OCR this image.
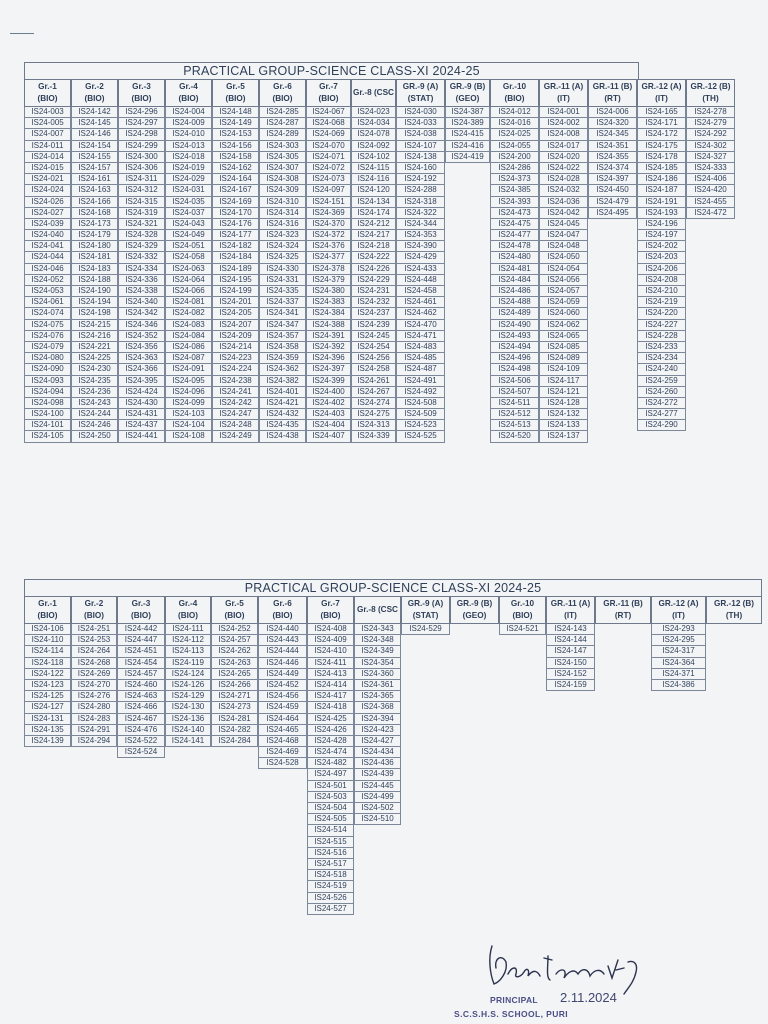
PRACTICAL GROUP-SCIENCE CLASS-XI 2024-25
Gr.-1
(BIO)
IS24-003
IS24-005
IS24-007
IS24-011
IS24-014
IS24-015
IS24-021
IS24-024
IS24-026
IS24-027
IS24-039
IS24-040
IS24-041
IS24-044
IS24-046
IS24-052
IS24-053
IS24-061
IS24-074
IS24-075
IS24-076
IS24-079
IS24-080
IS24-090
IS24-093
IS24-094
IS24-098
IS24-100
IS24-101
IS24-105
Gr.-2
(BIO)
IS24-142
IS24-145
IS24-146
IS24-154
IS24-155
IS24-157
IS24-161
IS24-163
IS24-166
IS24-168
IS24-173
IS24-179
IS24-180
IS24-181
IS24-183
IS24-188
IS24-190
IS24-194
IS24-198
IS24-215
IS24-216
IS24-221
IS24-225
IS24-230
IS24-235
IS24-236
IS24-243
IS24-244
IS24-246
IS24-250
Gr.-3
(BIO)
IS24-296
IS24-297
IS24-298
IS24-299
IS24-300
IS24-306
IS24-311
IS24-312
IS24-315
IS24-319
IS24-321
IS24-328
IS24-329
IS24-332
IS24-334
IS24-336
IS24-338
IS24-340
IS24-342
IS24-346
IS24-352
IS24-356
IS24-363
IS24-366
IS24-395
IS24-424
IS24-430
IS24-431
IS24-437
IS24-441
Gr.-4
(BIO)
IS24-004
IS24-009
IS24-010
IS24-013
IS24-018
IS24-019
IS24-029
IS24-031
IS24-035
IS24-037
IS24-043
IS24-049
IS24-051
IS24-058
IS24-063
IS24-064
IS24-066
IS24-081
IS24-082
IS24-083
IS24-084
IS24-086
IS24-087
IS24-091
IS24-095
IS24-096
IS24-099
IS24-103
IS24-104
IS24-108
Gr.-5
(BIO)
IS24-148
IS24-149
IS24-153
IS24-156
IS24-158
IS24-162
IS24-164
IS24-167
IS24-169
IS24-170
IS24-176
IS24-177
IS24-182
IS24-184
IS24-189
IS24-195
IS24-199
IS24-201
IS24-205
IS24-207
IS24-209
IS24-214
IS24-223
IS24-224
IS24-238
IS24-241
IS24-242
IS24-247
IS24-248
IS24-249
Gr.-6
(BIO)
IS24-285
IS24-287
IS24-289
IS24-303
IS24-305
IS24-307
IS24-308
IS24-309
IS24-310
IS24-314
IS24-316
IS24-323
IS24-324
IS24-325
IS24-330
IS24-331
IS24-335
IS24-337
IS24-341
IS24-347
IS24-357
IS24-358
IS24-359
IS24-362
IS24-382
IS24-401
IS24-421
IS24-432
IS24-435
IS24-438
Gr.-7
(BIO)
IS24-067
IS24-068
IS24-069
IS24-070
IS24-071
IS24-072
IS24-073
IS24-097
IS24-151
IS24-369
IS24-370
IS24-372
IS24-376
IS24-377
IS24-378
IS24-379
IS24-380
IS24-383
IS24-384
IS24-388
IS24-391
IS24-392
IS24-396
IS24-397
IS24-399
IS24-400
IS24-402
IS24-403
IS24-404
IS24-407
Gr.-8 (CSC
IS24-023
IS24-034
IS24-078
IS24-092
IS24-102
IS24-115
IS24-116
IS24-120
IS24-134
IS24-174
IS24-212
IS24-217
IS24-218
IS24-222
IS24-226
IS24-229
IS24-231
IS24-232
IS24-237
IS24-239
IS24-245
IS24-254
IS24-256
IS24-258
IS24-261
IS24-267
IS24-274
IS24-275
IS24-313
IS24-339
GR.-9 (A)
(STAT)
IS24-030
IS24-033
IS24-038
IS24-107
IS24-138
IS24-160
IS24-192
IS24-288
IS24-318
IS24-322
IS24-344
IS24-353
IS24-390
IS24-429
IS24-433
IS24-448
IS24-458
IS24-461
IS24-462
IS24-470
IS24-471
IS24-483
IS24-485
IS24-487
IS24-491
IS24-492
IS24-508
IS24-509
IS24-523
IS24-525
GR.-9 (B)
(GEO)
IS24-387
IS24-389
IS24-415
IS24-416
IS24-419
Gr.-10
(BIO)
IS24-012
IS24-016
IS24-025
IS24-055
IS24-200
IS24-286
IS24-373
IS24-385
IS24-393
IS24-473
IS24-475
IS24-477
IS24-478
IS24-480
IS24-481
IS24-484
IS24-486
IS24-488
IS24-489
IS24-490
IS24-493
IS24-494
IS24-496
IS24-498
IS24-506
IS24-507
IS24-511
IS24-512
IS24-513
IS24-520
GR.-11 (A)
(IT)
IS24-001
IS24-002
IS24-008
IS24-017
IS24-020
IS24-022
IS24-028
IS24-032
IS24-036
IS24-042
IS24-045
IS24-047
IS24-048
IS24-050
IS24-054
IS24-056
IS24-057
IS24-059
IS24-060
IS24-062
IS24-065
IS24-085
IS24-089
IS24-109
IS24-117
IS24-121
IS24-128
IS24-132
IS24-133
IS24-137
GR.-11 (B)
(RT)
IS24-006
IS24-320
IS24-345
IS24-351
IS24-355
IS24-374
IS24-397
IS24-450
IS24-479
IS24-495
GR.-12 (A)
(IT)
IS24-165
IS24-171
IS24-172
IS24-175
IS24-178
IS24-185
IS24-186
IS24-187
IS24-191
IS24-193
IS24-196
IS24-197
IS24-202
IS24-203
IS24-206
IS24-208
IS24-210
IS24-219
IS24-220
IS24-227
IS24-228
IS24-233
IS24-234
IS24-240
IS24-259
IS24-260
IS24-272
IS24-277
IS24-290
GR.-12 (B)
(TH)
IS24-278
IS24-279
IS24-292
IS24-302
IS24-327
IS24-333
IS24-406
IS24-420
IS24-455
IS24-472
PRACTICAL GROUP-SCIENCE CLASS-XI 2024-25
Gr.-1
(BIO)
IS24-106
IS24-110
IS24-114
IS24-118
IS24-122
IS24-123
IS24-125
IS24-127
IS24-131
IS24-135
IS24-139
Gr.-2
(BIO)
IS24-251
IS24-253
IS24-264
IS24-268
IS24-269
IS24-270
IS24-276
IS24-280
IS24-283
IS24-291
IS24-294
Gr.-3
(BIO)
IS24-442
IS24-447
IS24-451
IS24-454
IS24-457
IS24-460
IS24-463
IS24-466
IS24-467
IS24-476
IS24-522
IS24-524
Gr.-4
(BIO)
IS24-111
IS24-112
IS24-113
IS24-119
IS24-124
IS24-126
IS24-129
IS24-130
IS24-136
IS24-140
IS24-141
Gr.-5
(BIO)
IS24-252
IS24-257
IS24-262
IS24-263
IS24-265
IS24-266
IS24-271
IS24-273
IS24-281
IS24-282
IS24-284
Gr.-6
(BIO)
IS24-440
IS24-443
IS24-444
IS24-446
IS24-449
IS24-452
IS24-456
IS24-459
IS24-464
IS24-465
IS24-468
IS24-469
IS24-528
Gr.-7
(BIO)
IS24-408
IS24-409
IS24-410
IS24-411
IS24-413
IS24-414
IS24-417
IS24-418
IS24-425
IS24-426
IS24-428
IS24-474
IS24-482
IS24-497
IS24-501
IS24-503
IS24-504
IS24-505
IS24-514
IS24-515
IS24-516
IS24-517
IS24-518
IS24-519
IS24-526
IS24-527
Gr.-8 (CSC
IS24-343
IS24-348
IS24-349
IS24-354
IS24-360
IS24-361
IS24-365
IS24-368
IS24-394
IS24-423
IS24-427
IS24-434
IS24-436
IS24-439
IS24-445
IS24-499
IS24-502
IS24-510
GR.-9 (A)
(STAT)
IS24-529
GR.-9 (B)
(GEO)
Gr.-10
(BIO)
IS24-521
GR.-11 (A)
(IT)
IS24-143
IS24-144
IS24-147
IS24-150
IS24-152
IS24-159
GR.-11 (B)
(RT)
GR.-12 (A)
(IT)
IS24-293
IS24-295
IS24-317
IS24-364
IS24-371
IS24-386
GR.-12 (B)
(TH)
PRINCIPAL 2.11.2024
S.C.S.H.S. SCHOOL, PURI
